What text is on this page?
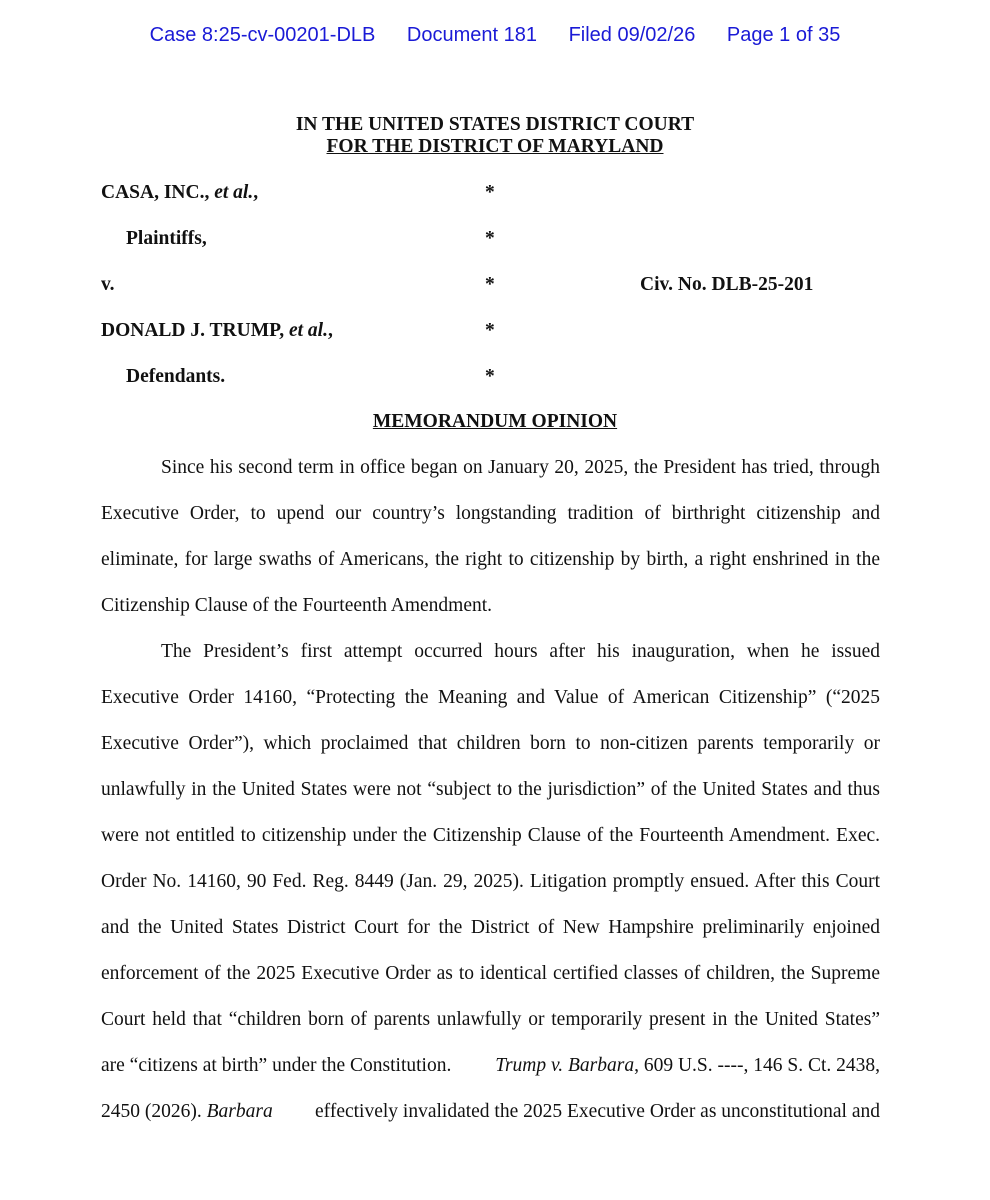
Case 8:25-cv-00201-DLB Document 181 Filed 09/02/26 Page 1 of 35
IN THE UNITED STATES DISTRICT COURT
FOR THE DISTRICT OF MARYLAND
CASA, INC., et al.,	*
Plaintiffs,	*
v.	*	Civ. No. DLB-25-201
DONALD J. TRUMP, et al.,	*
Defendants.	*
MEMORANDUM OPINION
Since his second term in office began on January 20, 2025, the President has tried, through
Executive Order, to upend our country’s longstanding tradition of birthright citizenship and
eliminate, for large swaths of Americans, the right to citizenship by birth, a right enshrined in the
Citizenship Clause of the Fourteenth Amendment.
The President’s first attempt occurred hours after his inauguration, when he issued
Executive Order 14160, “Protecting the Meaning and Value of American Citizenship” (“2025
Executive Order”), which proclaimed that children born to non-citizen parents temporarily or
unlawfully in the United States were not “subject to the jurisdiction” of the United States and thus
were not entitled to citizenship under the Citizenship Clause of the Fourteenth Amendment. Exec.
Order No. 14160, 90 Fed. Reg. 8449 (Jan. 29, 2025). Litigation promptly ensued. After this Court
and the United States District Court for the District of New Hampshire preliminarily enjoined
enforcement of the 2025 Executive Order as to identical certified classes of children, the Supreme
Court held that “children born of parents unlawfully or temporarily present in the United States”
are “citizens at birth” under the Constitution. Trump v. Barbara, 609 U.S. ----, 146 S. Ct. 2438,
2450 (2026). Barbara effectively invalidated the 2025 Executive Order as unconstitutional and
